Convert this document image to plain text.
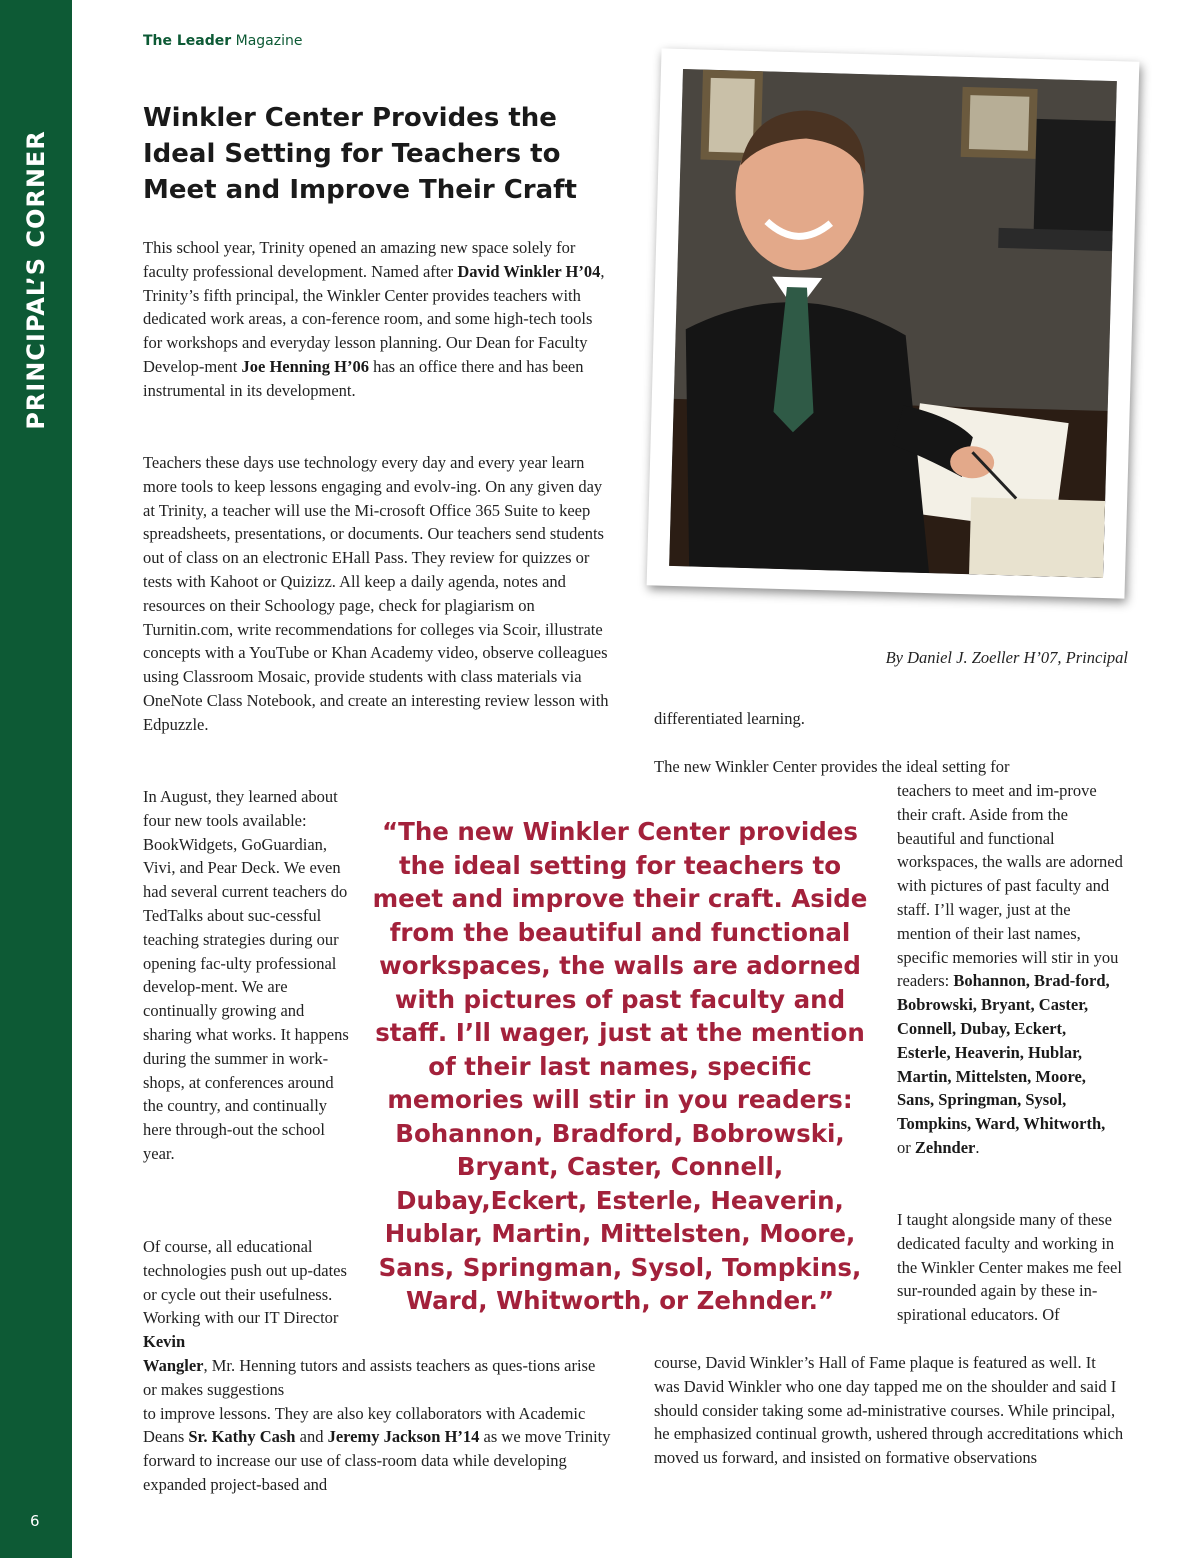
PRINCIPAL’S CORNER
6
The Leader Magazine
Winkler Center Provides the Ideal Setting for Teachers to Meet and Improve Their Craft

This school year, Trinity opened an amazing new space solely for faculty professional development. Named after David Winkler H’04, Trinity’s fifth principal, the Winkler Center provides teachers with dedicated work areas, a con-ference room, and some high-tech tools for workshops and everyday lesson planning. Our Dean for Faculty Develop-ment Joe Henning H’06 has an office there and has been instrumental in its development.

Teachers these days use technology every day and every year learn more tools to keep lessons engaging and evolv-ing. On any given day at Trinity, a teacher will use the Mi-crosoft Office 365 Suite to keep spreadsheets, presentations, or documents. Our teachers send students out of class on an electronic EHall Pass. They review for quizzes or tests with Kahoot or Quizizz. All keep a daily agenda, notes and resources on their Schoology page, check for plagiarism on Turnitin.com, write recommendations for colleges via Scoir, illustrate concepts with a YouTube or Khan Academy video, observe colleagues using Classroom Mosaic, provide students with class materials via OneNote Class Notebook, and create an interesting review lesson with Edpuzzle.

In August, they learned about four new tools available: BookWidgets, GoGuardian, Vivi, and Pear Deck. We even had several current teachers do TedTalks about suc-cessful teaching strategies during our opening fac-ulty professional develop-ment. We are continually growing and sharing what works. It happens during the summer in work-shops, at conferences around the country, and continually here through-out the school year.

Of course, all educational technologies push out up-dates or cycle out their usefulness. Working with our IT Director Kevin

Wangler, Mr. Henning tutors and assists teachers as ques-tions arise or makes suggestions
to improve lessons. They are also key collaborators with Academic Deans Sr. Kathy Cash and Jeremy Jackson H’14 as we move Trinity forward to increase our use of class-room data while developing expanded project-based and

By Daniel J. Zoeller H’07, Principal

differentiated learning.

The new Winkler Center provides the ideal setting for

teachers to meet and im-prove their craft. Aside from the beautiful and functional workspaces, the walls are adorned with pictures of past faculty and staff. I’ll wager, just at the mention of their last names, specific memories will stir in you readers: Bohannon, Brad-ford, Bobrowski, Bryant, Caster, Connell, Dubay, Eckert, Esterle, Heaverin, Hublar, Martin, Mittelsten, Moore, Sans, Springman, Sysol, Tompkins, Ward, Whitworth, or Zehnder.

I taught alongside many of these dedicated faculty and working in the Winkler Center makes me feel sur-rounded again by these in-spirational educators. Of

course, David Winkler’s Hall of Fame plaque is featured as well. It was David Winkler who one day tapped me on the shoulder and said I should consider taking some ad-ministrative courses. While principal, he emphasized continual growth, ushered through accreditations which moved us forward, and insisted on formative observations

“The new Winkler Center provides the ideal setting for teachers to meet and improve their craft. Aside from the beautiful and functional workspaces, the walls are adorned with pictures of past faculty and staff. I’ll wager, just at the mention of their last names, specific memories will stir in you readers: Bohannon, Bradford, Bobrowski, Bryant, Caster, Connell, Dubay,Eckert, Esterle, Heaverin, Hublar, Martin, Mittelsten, Moore, Sans, Springman, Sysol, Tompkins, Ward, Whitworth, or Zehnder.”
